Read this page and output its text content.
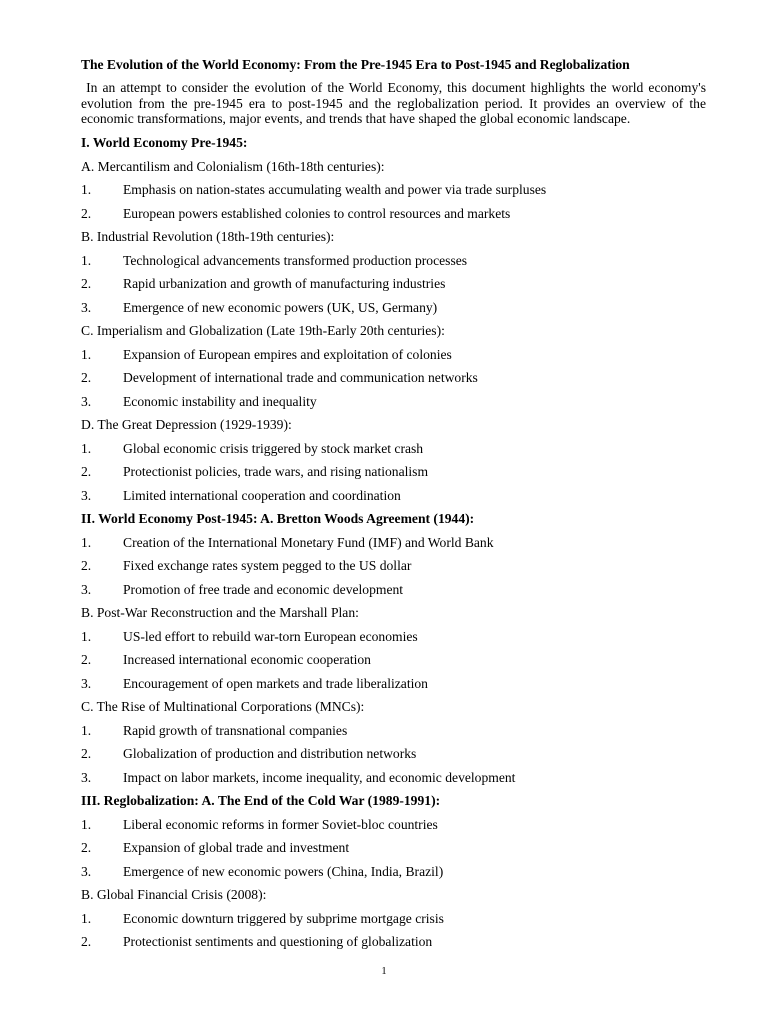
The Evolution of the World Economy: From the Pre-1945 Era to Post-1945 and Reglobalization
In an attempt to consider the evolution of the World Economy, this document highlights the world economy's evolution from the pre-1945 era to post-1945 and the reglobalization period. It provides an overview of the economic transformations, major events, and trends that have shaped the global economic landscape.
I. World Economy Pre-1945:
A. Mercantilism and Colonialism (16th-18th centuries):
1. Emphasis on nation-states accumulating wealth and power via trade surpluses
2. European powers established colonies to control resources and markets
B. Industrial Revolution (18th-19th centuries):
1. Technological advancements transformed production processes
2. Rapid urbanization and growth of manufacturing industries
3. Emergence of new economic powers (UK, US, Germany)
C. Imperialism and Globalization (Late 19th-Early 20th centuries):
1. Expansion of European empires and exploitation of colonies
2. Development of international trade and communication networks
3. Economic instability and inequality
D. The Great Depression (1929-1939):
1. Global economic crisis triggered by stock market crash
2. Protectionist policies, trade wars, and rising nationalism
3. Limited international cooperation and coordination
II. World Economy Post-1945: A. Bretton Woods Agreement (1944):
1. Creation of the International Monetary Fund (IMF) and World Bank
2. Fixed exchange rates system pegged to the US dollar
3. Promotion of free trade and economic development
B. Post-War Reconstruction and the Marshall Plan:
1. US-led effort to rebuild war-torn European economies
2. Increased international economic cooperation
3. Encouragement of open markets and trade liberalization
C. The Rise of Multinational Corporations (MNCs):
1. Rapid growth of transnational companies
2. Globalization of production and distribution networks
3. Impact on labor markets, income inequality, and economic development
III. Reglobalization: A. The End of the Cold War (1989-1991):
1. Liberal economic reforms in former Soviet-bloc countries
2. Expansion of global trade and investment
3. Emergence of new economic powers (China, India, Brazil)
B. Global Financial Crisis (2008):
1. Economic downturn triggered by subprime mortgage crisis
2. Protectionist sentiments and questioning of globalization
1
